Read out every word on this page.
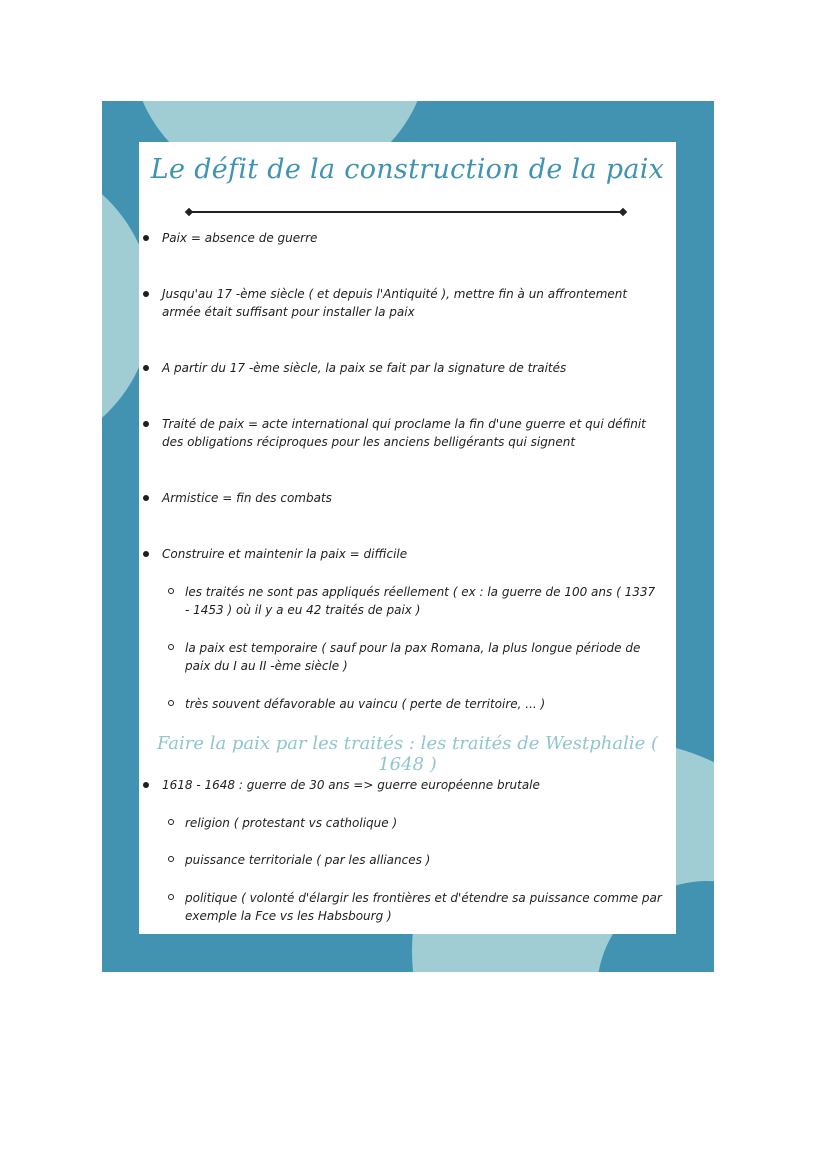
Le défit de la construction de la paix
Paix = absence de guerre
Jusqu'au 17 -ème siècle ( et depuis l'Antiquité ), mettre fin à un affrontement armée était suffisant pour installer la paix
A partir du 17 -ème siècle, la paix se fait par la signature de traités
Traité de paix = acte international qui proclame la fin d'une guerre et qui définit des obligations réciproques pour les anciens belligérants qui signent
Armistice = fin des combats
Construire et maintenir la paix = difficile
les traités ne sont pas appliqués réellement ( ex : la guerre de 100 ans ( 1337 - 1453 ) où il y a eu 42 traités de paix )
la paix est temporaire ( sauf pour la pax Romana, la plus longue période de paix du I au II -ème siècle )
très souvent défavorable au vaincu ( perte de territoire, ... )
Faire la paix par les traités : les traités de Westphalie ( 1648 )
1618 - 1648 : guerre de 30 ans => guerre européenne brutale
religion ( protestant vs catholique )
puissance territoriale ( par les alliances )
politique ( volonté d'élargir les frontières et d'étendre sa puissance comme par exemple la Fce vs les Habsbourg )
